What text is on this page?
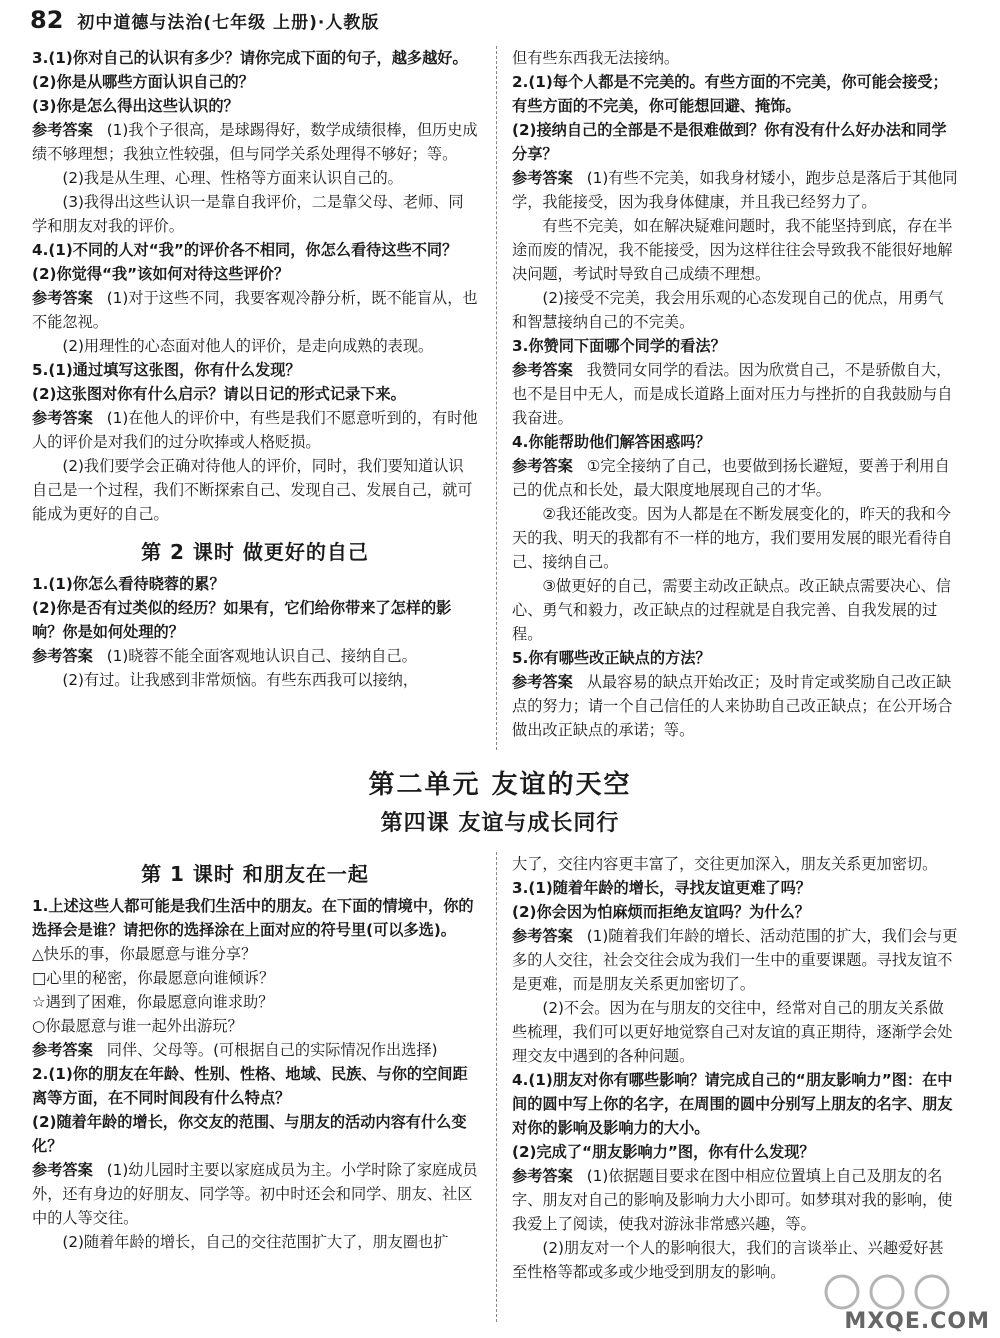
82 初中道德与法治(七年级 上册)·人教版

3.(1)你对自己的认识有多少？请你完成下面的句子，越多越好。

(2)你是从哪些方面认识自己的？

(3)你是怎么得出这些认识的？

参考答案 (1)我个子很高，是球踢得好，数学成绩很棒，但历史成绩不够理想；我独立性较强，但与同学关系处理得不够好；等。

(2)我是从生理、心理、性格等方面来认识自己的。

(3)我得出这些认识一是靠自我评价，二是靠父母、老师、同学和朋友对我的评价。

4.(1)不同的人对“我”的评价各不相同，你怎么看待这些不同？

(2)你觉得“我”该如何对待这些评价？

参考答案 (1)对于这些不同，我要客观冷静分析，既不能盲从，也不能忽视。

(2)用理性的心态面对他人的评价，是走向成熟的表现。

5.(1)通过填写这张图，你有什么发现？

(2)这张图对你有什么启示？请以日记的形式记录下来。

参考答案 (1)在他人的评价中，有些是我们不愿意听到的，有时他人的评价是对我们的过分吹捧或人格贬损。

(2)我们要学会正确对待他人的评价，同时，我们要知道认识自己是一个过程，我们不断探索自己、发现自己、发展自己，就可能成为更好的自己。

第 2 课时 做更好的自己

1.(1)你怎么看待晓蓉的累？

(2)你是否有过类似的经历？如果有，它们给你带来了怎样的影响？你是如何处理的？

参考答案 (1)晓蓉不能全面客观地认识自己、接纳自己。

(2)有过。让我感到非常烦恼。有些东西我可以接纳，

但有些东西我无法接纳。

2.(1)每个人都是不完美的。有些方面的不完美，你可能会接受；有些方面的不完美，你可能想回避、掩饰。

(2)接纳自己的全部是不是很难做到？你有没有什么好办法和同学分享？

参考答案 (1)有些不完美，如我身材矮小，跑步总是落后于其他同学，我能接受，因为我身体健康，并且我已经努力了。

有些不完美，如在解决疑难问题时，我不能坚持到底，存在半途而废的情况，我不能接受，因为这样往往会导致我不能很好地解决问题，考试时导致自己成绩不理想。

(2)接受不完美，我会用乐观的心态发现自己的优点，用勇气和智慧接纳自己的不完美。

3.你赞同下面哪个同学的看法？

参考答案 我赞同女同学的看法。因为欣赏自己，不是骄傲自大，也不是目中无人，而是成长道路上面对压力与挫折的自我鼓励与自我奋进。

4.你能帮助他们解答困惑吗？

参考答案 ①完全接纳了自己，也要做到扬长避短，要善于利用自己的优点和长处，最大限度地展现自己的才华。

②我还能改变。因为人都是在不断发展变化的，昨天的我和今天的我、明天的我都有不一样的地方，我们要用发展的眼光看待自己、接纳自己。

③做更好的自己，需要主动改正缺点。改正缺点需要决心、信心、勇气和毅力，改正缺点的过程就是自我完善、自我发展的过程。

5.你有哪些改正缺点的方法？

参考答案 从最容易的缺点开始改正；及时肯定或奖励自己改正缺点的努力；请一个自己信任的人来协助自己改正缺点；在公开场合做出改正缺点的承诺；等。

第二单元 友谊的天空
第四课 友谊与成长同行

第 1 课时 和朋友在一起

1.上述这些人都可能是我们生活中的朋友。在下面的情境中，你的选择会是谁？请把你的选择涂在上面对应的符号里(可以多选)。

△快乐的事，你最愿意与谁分享？

□心里的秘密，你最愿意向谁倾诉？

☆遇到了困难，你最愿意向谁求助？

○你最愿意与谁一起外出游玩？

参考答案 同伴、父母等。(可根据自己的实际情况作出选择)

2.(1)你的朋友在年龄、性别、性格、地域、民族、与你的空间距离等方面，在不同时间段有什么特点？

(2)随着年龄的增长，你交友的范围、与朋友的活动内容有什么变化？

参考答案 (1)幼儿园时主要以家庭成员为主。小学时除了家庭成员外，还有身边的好朋友、同学等。初中时还会和同学、朋友、社区中的人等交往。

(2)随着年龄的增长，自己的交往范围扩大了，朋友圈也扩

大了，交往内容更丰富了，交往更加深入，朋友关系更加密切。

3.(1)随着年龄的增长，寻找友谊更难了吗？

(2)你会因为怕麻烦而拒绝友谊吗？为什么？

参考答案 (1)随着我们年龄的增长、活动范围的扩大，我们会与更多的人交往，社会交往会成为我们一生中的重要课题。寻找友谊不是更难，而是朋友关系更加密切了。

(2)不会。因为在与朋友的交往中，经常对自己的朋友关系做些梳理，我们可以更好地觉察自己对友谊的真正期待，逐渐学会处理交友中遇到的各种问题。

4.(1)朋友对你有哪些影响？请完成自己的“朋友影响力”图：在中间的圆中写上你的名字，在周围的圆中分别写上朋友的名字、朋友对你的影响及影响力的大小。

(2)完成了“朋友影响力”图，你有什么发现？

参考答案 (1)依据题目要求在图中相应位置填上自己及朋友的名字、朋友对自己的影响及影响力大小即可。如梦琪对我的影响，使我爱上了阅读，使我对游泳非常感兴趣，等。

(2)朋友对一个人的影响很大，我们的言谈举止、兴趣爱好甚至性格等都或多或少地受到朋友的影响。

MXQE.COM
